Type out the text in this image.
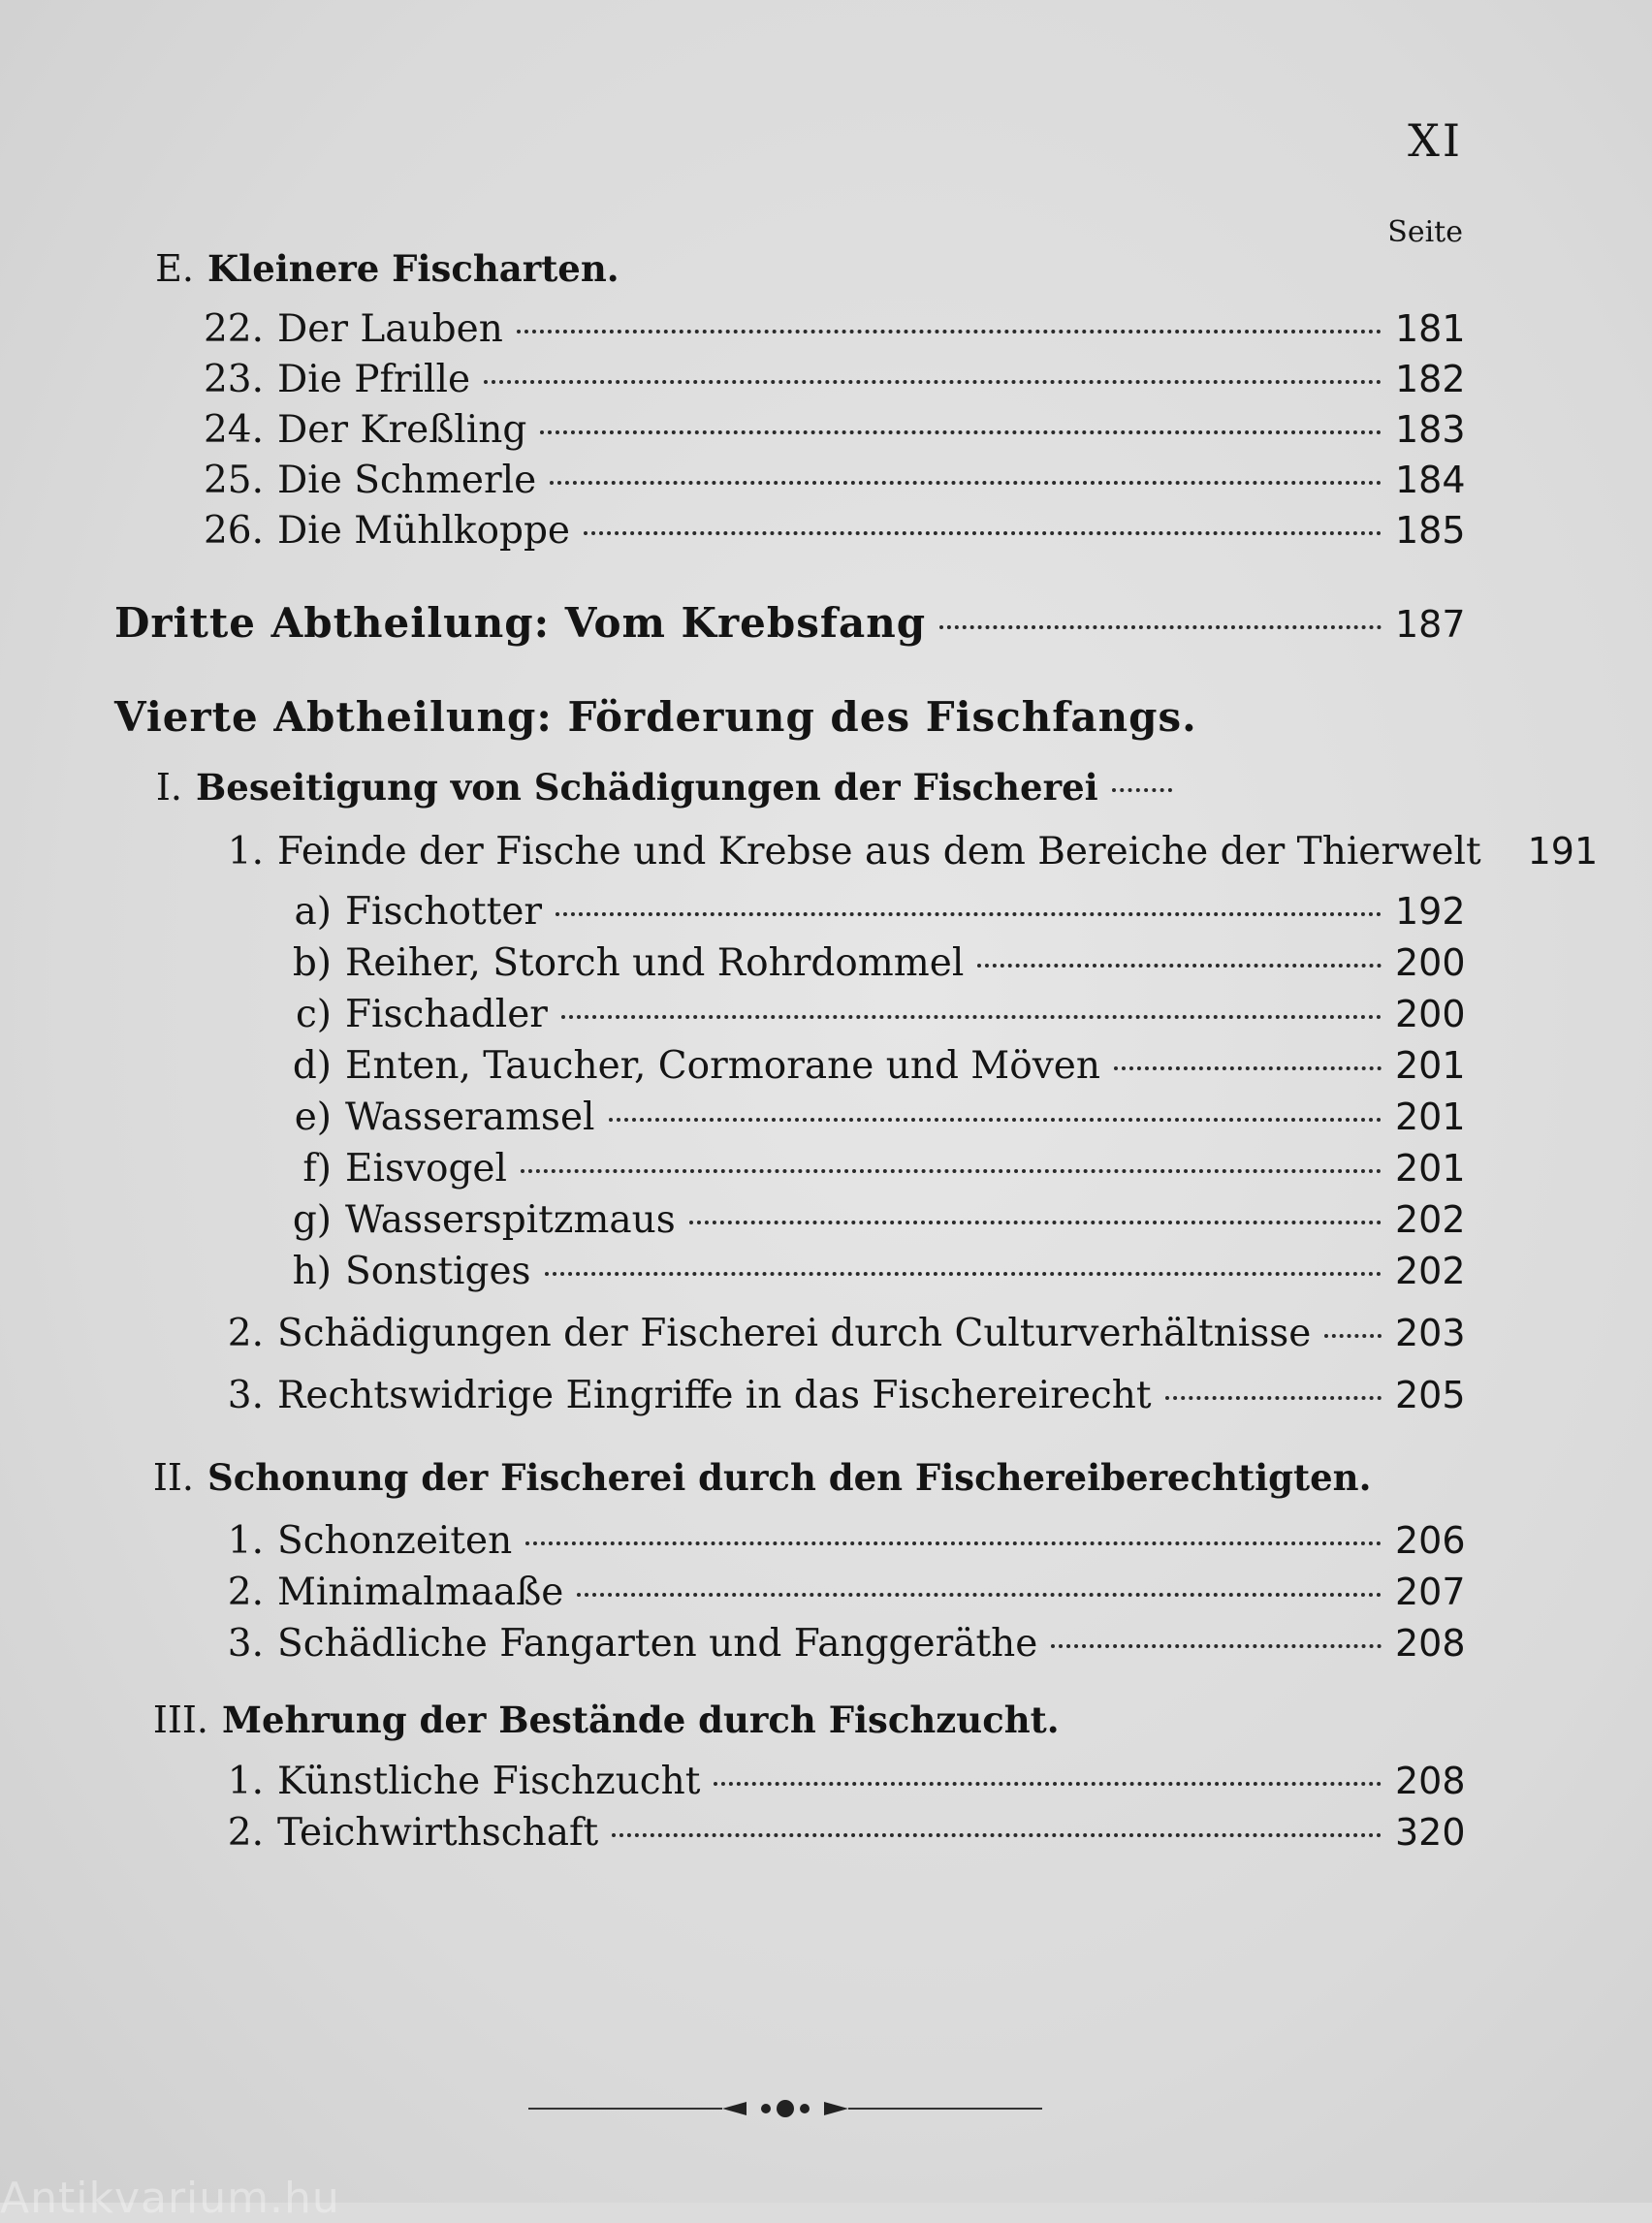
XI
Seite
E. Kleinere Fischarten.
22. Der Lauben	181
23. Die Pfrille	182
24. Der Kreßling	183
25. Die Schmerle	184
26. Die Mühlkoppe	185
Dritte Abtheilung: Vom Krebsfang	187
Vierte Abtheilung: Förderung des Fischfangs.
I. Beseitigung von Schädigungen der Fischerei
1. Feinde der Fische und Krebse aus dem Bereiche der Thierwelt 191
a) Fischotter	192
b) Reiher, Storch und Rohrdommel	200
c) Fischadler	200
d) Enten, Taucher, Cormorane und Möven	201
e) Wasseramsel	201
f) Eisvogel	201
g) Wasserspitzmaus	202
h) Sonstiges	202
2. Schädigungen der Fischerei durch Culturverhältnisse 203
3. Rechtswidrige Eingriffe in das Fischereirecht	205
II. Schonung der Fischerei durch den Fischereiberechtigten.
1. Schonzeiten	206
2. Minimalmaaße	207
3. Schädliche Fangarten und Fanggeräthe	208
III. Mehrung der Bestände durch Fischzucht.
1. Künstliche Fischzucht	208
2. Teichwirthschaft	320
Antikvarium.hu
